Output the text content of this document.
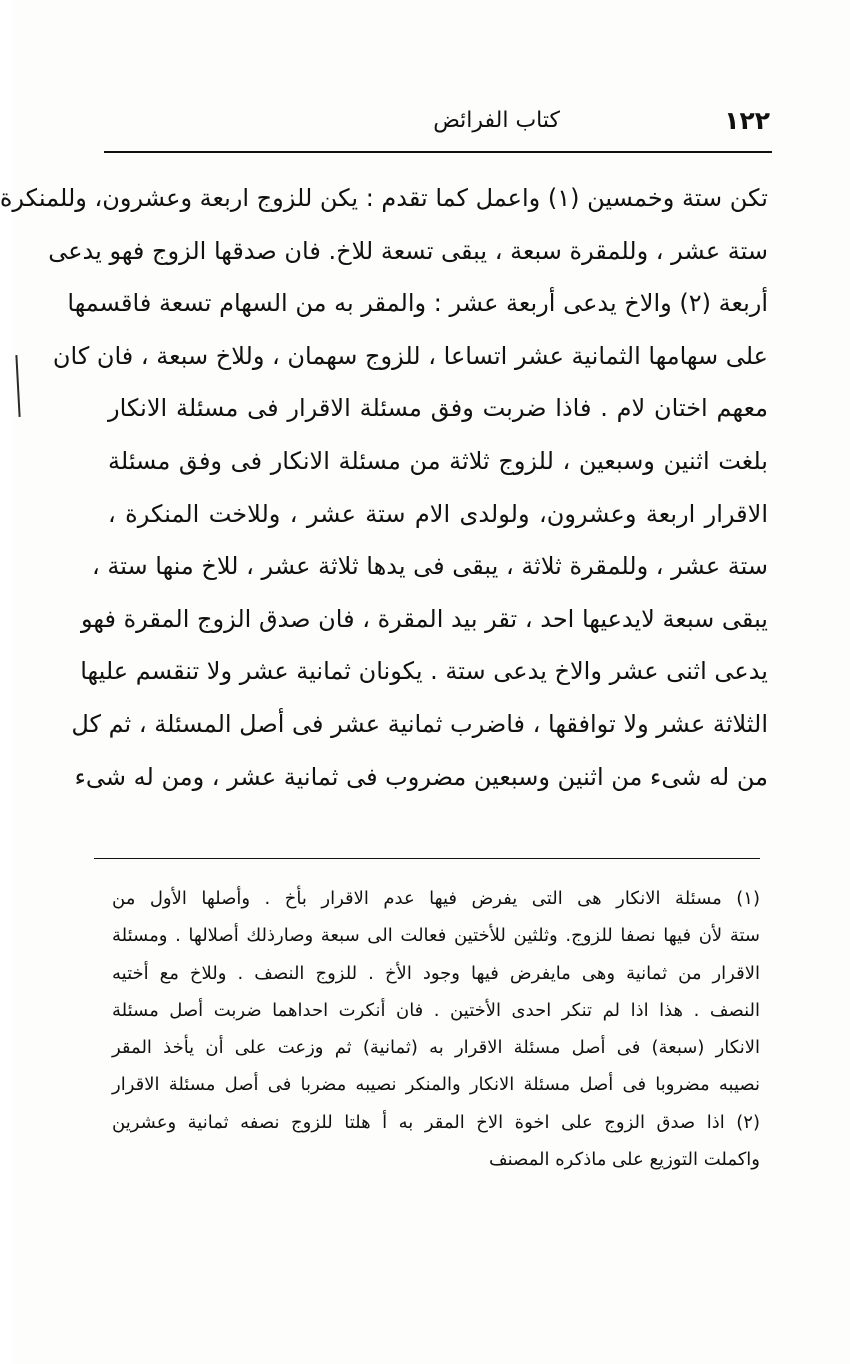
١٢٢
كتاب الفرائض
تكن ستة وخمسين (١) واعمل كما تقدم : يكن للزوج اربعة وعشرون، وللمنكرة
ستة عشر ، وللمقرة سبعة ، يبقى تسعة للاخ. فان صدقها الزوج فهو يدعى
أربعة (٢) والاخ يدعى أربعة عشر : والمقر به من السهام تسعة فاقسمها
على سهامها الثمانية عشر اتساعا ، للزوج سهمان ، وللاخ سبعة ، فان كان
معهم اختان لام . فاذا ضربت وفق مسئلة الاقرار فى مسئلة الانكار
بلغت اثنين وسبعين ، للزوج ثلاثة من مسئلة الانكار فى وفق مسئلة
الاقرار اربعة وعشرون، ولولدى الام ستة عشر ، وللاخت المنكرة ،
ستة عشر ، وللمقرة ثلاثة ، يبقى فى يدها ثلاثة عشر ، للاخ منها ستة ،
يبقى سبعة لايدعيها احد ، تقر بيد المقرة ، فان صدق الزوج المقرة فهو
يدعى اثنى عشر والاخ يدعى ستة . يكونان ثمانية عشر ولا تنقسم عليها
الثلاثة عشر ولا توافقها ، فاضرب ثمانية عشر فى أصل المسئلة ، ثم كل
من له شىء من اثنين وسبعين مضروب فى ثمانية عشر ، ومن له شىء
(١) مسئلة الانكار هى التى يفرض فيها عدم الاقرار بأخ . وأصلها الأول من
ستة لأن فيها نصفا للزوج. وثلثين للأختين فعالت الى سبعة وصارذلك أصلالها . ومسئلة
الاقرار من ثمانية وهى مايفرض فيها وجود الأخ . للزوج النصف . وللاخ مع أختيه
النصف . هذا اذا لم تنكر احدى الأختين . فان أنكرت احداهما ضربت أصل مسئلة
الانكار (سبعة) فى أصل مسئلة الاقرار به (ثمانية) ثم وزعت على أن يأخذ المقر
نصيبه مضروبا فى أصل مسئلة الانكار والمنكر نصيبه مضربا فى أصل مسئلة الاقرار
(٢) اذا صدق الزوج على اخوة الاخ المقر به أ هلتا للزوج نصفه ثمانية وعشرين
واكملت التوزيع على ماذكره المصنف
